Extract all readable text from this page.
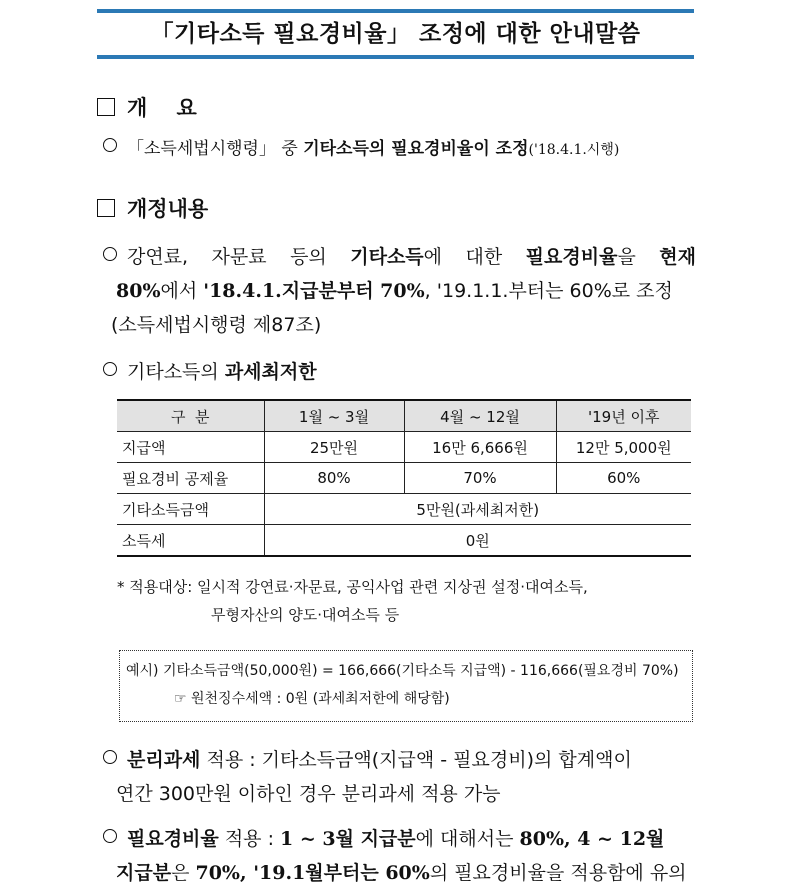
「기타소득 필요경비율」 조정에 대한 안내말씀
개    요
「소득세법시행령」 중 기타소득의 필요경비율이 조정('18.4.1.시행)
개정내용
강연료, 자문료 등의 기타소득에 대한 필요경비율을 현재
80%에서 '18.4.1.지급분부터 70%, '19.1.1.부터는 60%로 조정
(소득세법시행령 제87조)
기타소득의 과세최저한
구  분	1월 ~ 3월	4월 ~ 12월	'19년 이후
지급액	25만원	16만 6,666원	12만 5,000원
필요경비 공제율	80%	70%	60%
기타소득금액	5만원(과세최저한)		
소득세	0원		
* 적용대상: 일시적 강연료·자문료, 공익사업 관련 지상권 설정·대여소득,
무형자산의 양도·대여소득 등
예시) 기타소득금액(50,000원) = 166,666(기타소득 지급액) - 116,666(필요경비 70%)
☞ 원천징수세액 : 0원 (과세최저한에 해당함)
분리과세 적용 : 기타소득금액(지급액 - 필요경비)의 합계액이
연간 300만원 이하인 경우 분리과세 적용 가능
필요경비율 적용 : 1 ~ 3월 지급분에 대해서는 80%, 4 ~ 12월
지급분은 70%, '19.1월부터는 60%의 필요경비율을 적용함에 유의
